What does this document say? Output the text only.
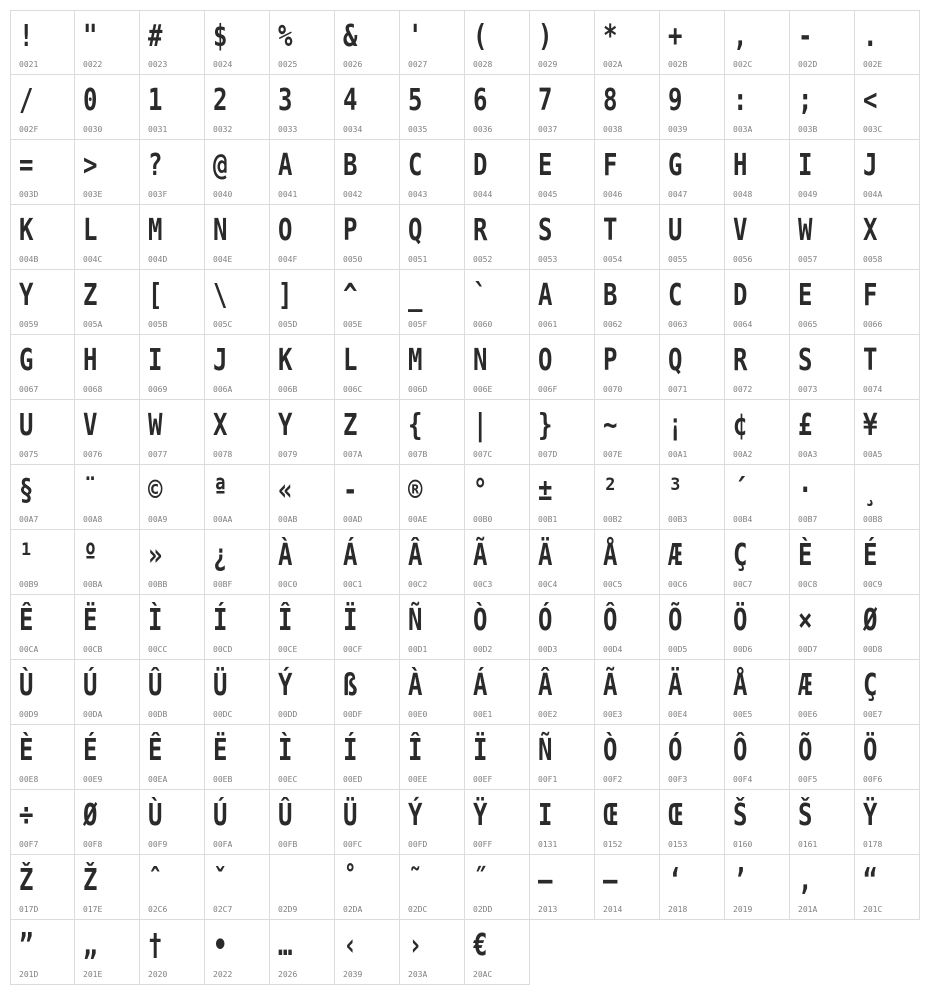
!
0021
"
0022
#
0023
$
0024
%
0025
&
0026
'
0027
(
0028
)
0029
*
002A
+
002B
,
002C
-
002D
.
002E
/
002F
0
0030
1
0031
2
0032
3
0033
4
0034
5
0035
6
0036
7
0037
8
0038
9
0039
:
003A
;
003B
<
003C
=
003D
>
003E
?
003F
@
0040
A
0041
B
0042
C
0043
D
0044
E
0045
F
0046
G
0047
H
0048
I
0049
J
004A
K
004B
L
004C
M
004D
N
004E
O
004F
P
0050
Q
0051
R
0052
S
0053
T
0054
U
0055
V
0056
W
0057
X
0058
Y
0059
Z
005A
[
005B
\
005C
]
005D
^
005E
_
005F
`
0060
A
0061
B
0062
C
0063
D
0064
E
0065
F
0066
G
0067
H
0068
I
0069
J
006A
K
006B
L
006C
M
006D
N
006E
O
006F
P
0070
Q
0071
R
0072
S
0073
T
0074
U
0075
V
0076
W
0077
X
0078
Y
0079
Z
007A
{
007B
|
007C
}
007D
~
007E
¡
00A1
¢
00A2
£
00A3
¥
00A5
§
00A7
¨
00A8
©
00A9
ª
00AA
«
00AB
-
00AD
®
00AE
°
00B0
±
00B1
²
00B2
³
00B3
´
00B4
·
00B7
¸
00B8
¹
00B9
º
00BA
»
00BB
¿
00BF
À
00C0
Á
00C1
Â
00C2
Ã
00C3
Ä
00C4
Å
00C5
Æ
00C6
Ç
00C7
È
00C8
É
00C9
Ê
00CA
Ë
00CB
Ì
00CC
Í
00CD
Î
00CE
Ï
00CF
Ñ
00D1
Ò
00D2
Ó
00D3
Ô
00D4
Õ
00D5
Ö
00D6
×
00D7
Ø
00D8
Ù
00D9
Ú
00DA
Û
00DB
Ü
00DC
Ý
00DD
ß
00DF
À
00E0
Á
00E1
Â
00E2
Ã
00E3
Ä
00E4
Å
00E5
Æ
00E6
Ç
00E7
È
00E8
É
00E9
Ê
00EA
Ë
00EB
Ì
00EC
Í
00ED
Î
00EE
Ï
00EF
Ñ
00F1
Ò
00F2
Ó
00F3
Ô
00F4
Õ
00F5
Ö
00F6
÷
00F7
Ø
00F8
Ù
00F9
Ú
00FA
Û
00FB
Ü
00FC
Ý
00FD
Ÿ
00FF
I
0131
Œ
0152
Œ
0153
Š
0160
Š
0161
Ÿ
0178
Ž
017D
Ž
017E
ˆ
02C6
ˇ
02C7	02D9
˚
02DA
˜
02DC
˝
02DD
–
2013
—
2014
‘
2018
’
2019
‚
201A
“
201C
”
201D
„
201E
†
2020
•
2022
…
2026
‹
2039
›
203A
€
20AC
